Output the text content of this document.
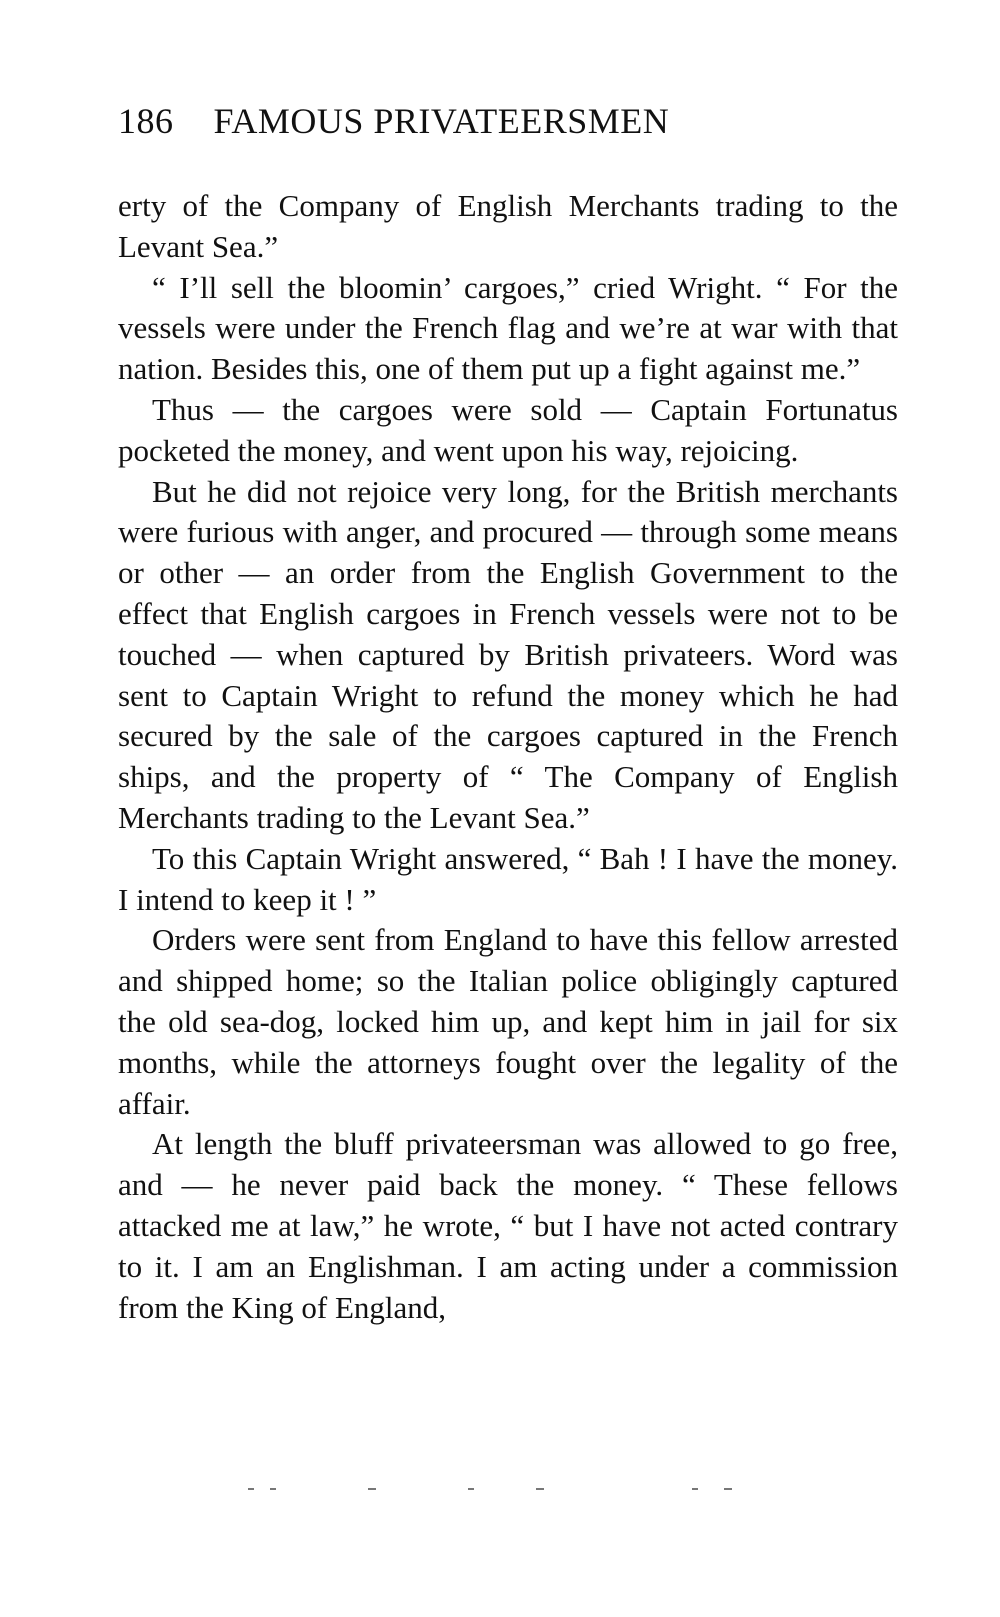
186 FAMOUS PRIVATEERSMEN

erty of the Company of English Merchants trading to the Levant Sea.”

“ I’ll sell the bloomin’ cargoes,” cried Wright. “ For the vessels were under the French flag and we’re at war with that nation. Besides this, one of them put up a fight against me.”

Thus — the cargoes were sold — Captain Fortunatus pocketed the money, and went upon his way, rejoicing.

But he did not rejoice very long, for the British merchants were furious with anger, and procured — through some means or other — an order from the English Government to the effect that English cargoes in French vessels were not to be touched — when captured by British privateers. Word was sent to Captain Wright to refund the money which he had secured by the sale of the cargoes captured in the French ships, and the property of “ The Company of English Merchants trading to the Levant Sea.”

To this Captain Wright answered, “ Bah ! I have the money. I intend to keep it ! ”

Orders were sent from England to have this fellow arrested and shipped home; so the Italian police obligingly captured the old sea-dog, locked him up, and kept him in jail for six months, while the attorneys fought over the legality of the affair.

At length the bluff privateersman was allowed to go free, and — he never paid back the money. “ These fellows attacked me at law,” he wrote, “ but I have not acted contrary to it. I am an Englishman. I am acting under a commission from the King of England,
